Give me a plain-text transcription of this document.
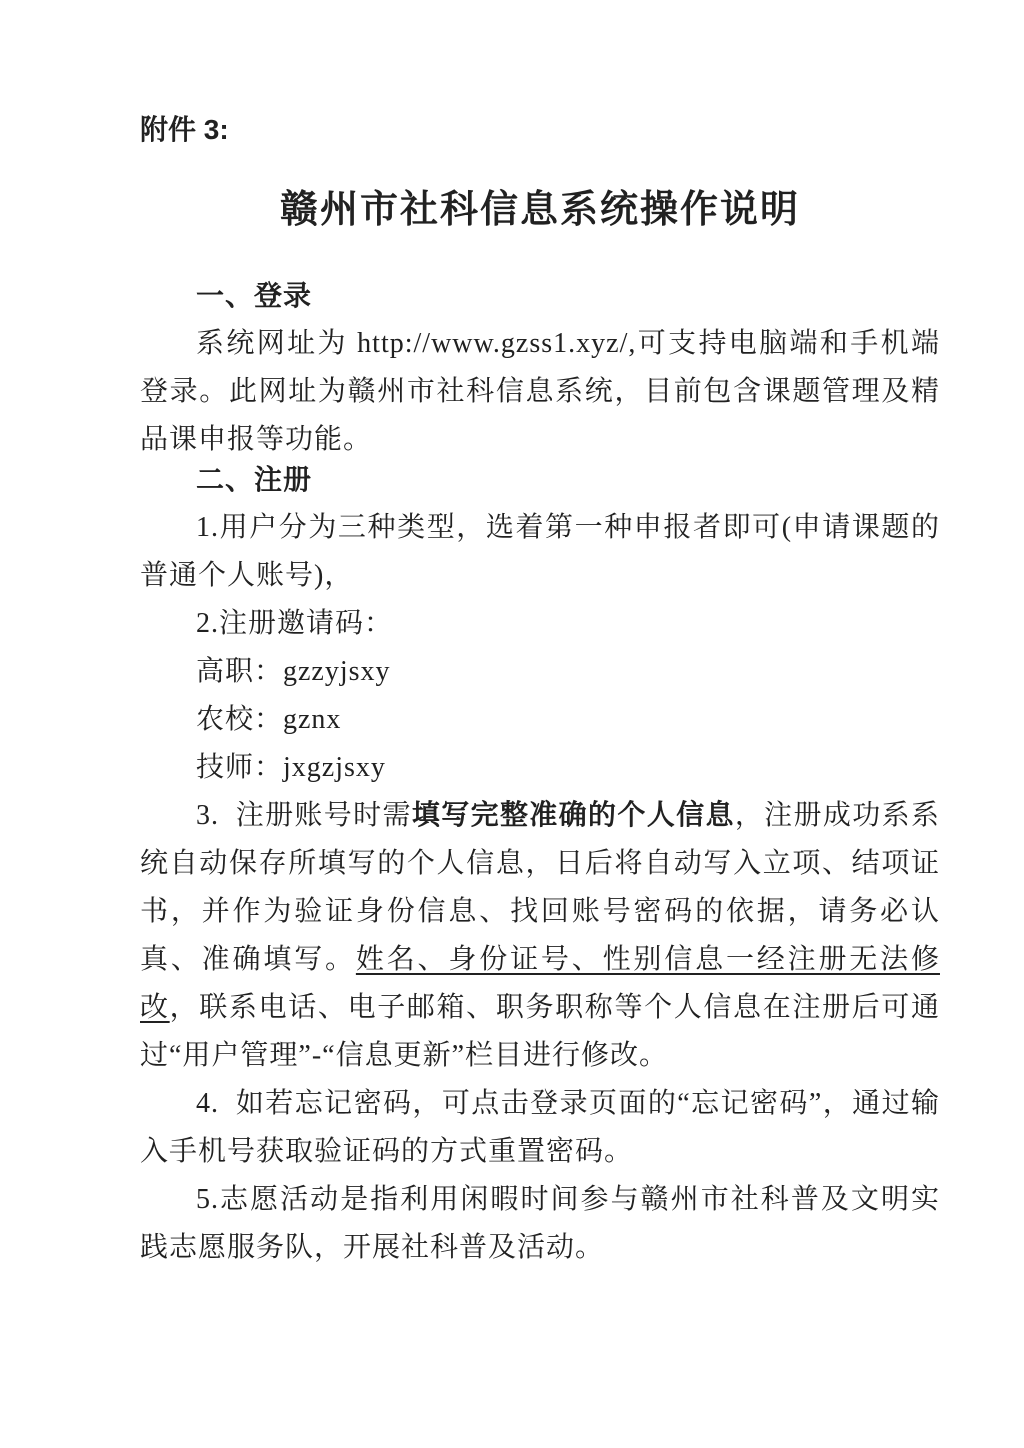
附件 3:

赣州市社科信息系统操作说明
一、登录

系统网址为 http://www.gzss1.xyz/,可支持电脑端和手机端登录。此网址为赣州市社科信息系统，目前包含课题管理及精品课申报等功能。

二、注册

1.用户分为三种类型，选着第一种申报者即可(申请课题的普通个人账号)，

2.注册邀请码：

高职：gzzyjsxy

农校：gznx

技师：jxgzjsxy

3.  注册账号时需填写完整准确的个人信息，注册成功系系统自动保存所填写的个人信息，日后将自动写入立项、结项证书，并作为验证身份信息、找回账号密码的依据，请务必认真、准确填写。姓名、身份证号、性别信息一经注册无法修改，联系电话、电子邮箱、职务职称等个人信息在注册后可通过“用户管理”-“信息更新”栏目进行修改。

4.  如若忘记密码，可点击登录页面的“忘记密码”，通过输入手机号获取验证码的方式重置密码。

5.志愿活动是指利用闲暇时间参与赣州市社科普及文明实践志愿服务队，开展社科普及活动。
